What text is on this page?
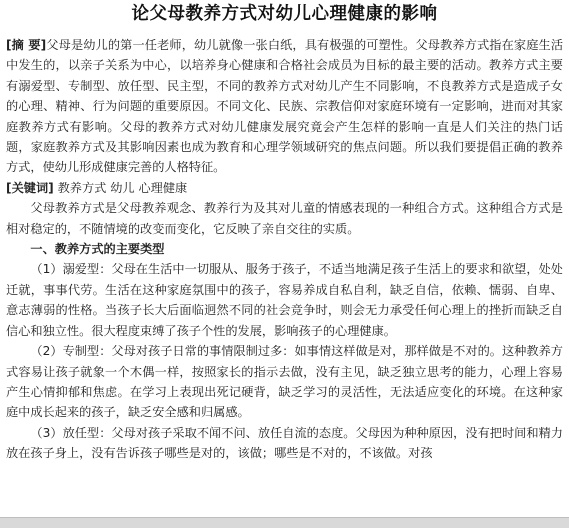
论父母教养方式对幼儿心理健康的影响

[摘 要]父母是幼儿的第一任老师，幼儿就像一张白纸，具有极强的可塑性。父母教养方式指在家庭生活中发生的，以亲子关系为中心，以培养身心健康和合格社会成员为目标的最主要的活动。教养方式主要有溺爱型、专制型、放任型、民主型，不同的教养方式对幼儿产生不同影响，不良教养方式是造成子女的心理、精神、行为问题的重要原因。不同文化、民族、宗教信仰对家庭环境有一定影响，进而对其家庭教养方式有影响。父母的教养方式对幼儿健康发展究竟会产生怎样的影响一直是人们关注的热门话题，家庭教养方式及其影响因素也成为教育和心理学领域研究的焦点问题。所以我们要提倡正确的教养方式，使幼儿形成健康完善的人格特征。

[关键词] 教养方式 幼儿 心理健康

父母教养方式是父母教养观念、教养行为及其对儿童的情感表现的一种组合方式。这种组合方式是相对稳定的，不随情境的改变而变化，它反映了亲自交往的实质。

一、教养方式的主要类型

（1）溺爱型：父母在生活中一切服从、服务于孩子，不适当地满足孩子生活上的要求和欲望，处处迁就，事事代劳。生活在这种家庭氛围中的孩子，容易养成自私自利，缺乏自信，依赖、懦弱、自卑、意志薄弱的性格。当孩子长大后面临迥然不同的社会竞争时，则会无力承受任何心理上的挫折而缺乏自信心和独立性。很大程度束缚了孩子个性的发展，影响孩子的心理健康。

（2）专制型：父母对孩子日常的事情限制过多：如事情这样做是对，那样做是不对的。这种教养方式容易让孩子就象一个木偶一样，按照家长的指示去做，没有主见，缺乏独立思考的能力，心理上容易产生心情抑郁和焦虑。在学习上表现出死记硬背，缺乏学习的灵活性，无法适应变化的环境。在这种家庭中成长起来的孩子，缺乏安全感和归属感。

（3）放任型：父母对孩子采取不闻不问、放任自流的态度。父母因为种种原因，没有把时间和精力放在孩子身上，没有告诉孩子哪些是对的，该做；哪些是不对的，不该做。对孩
